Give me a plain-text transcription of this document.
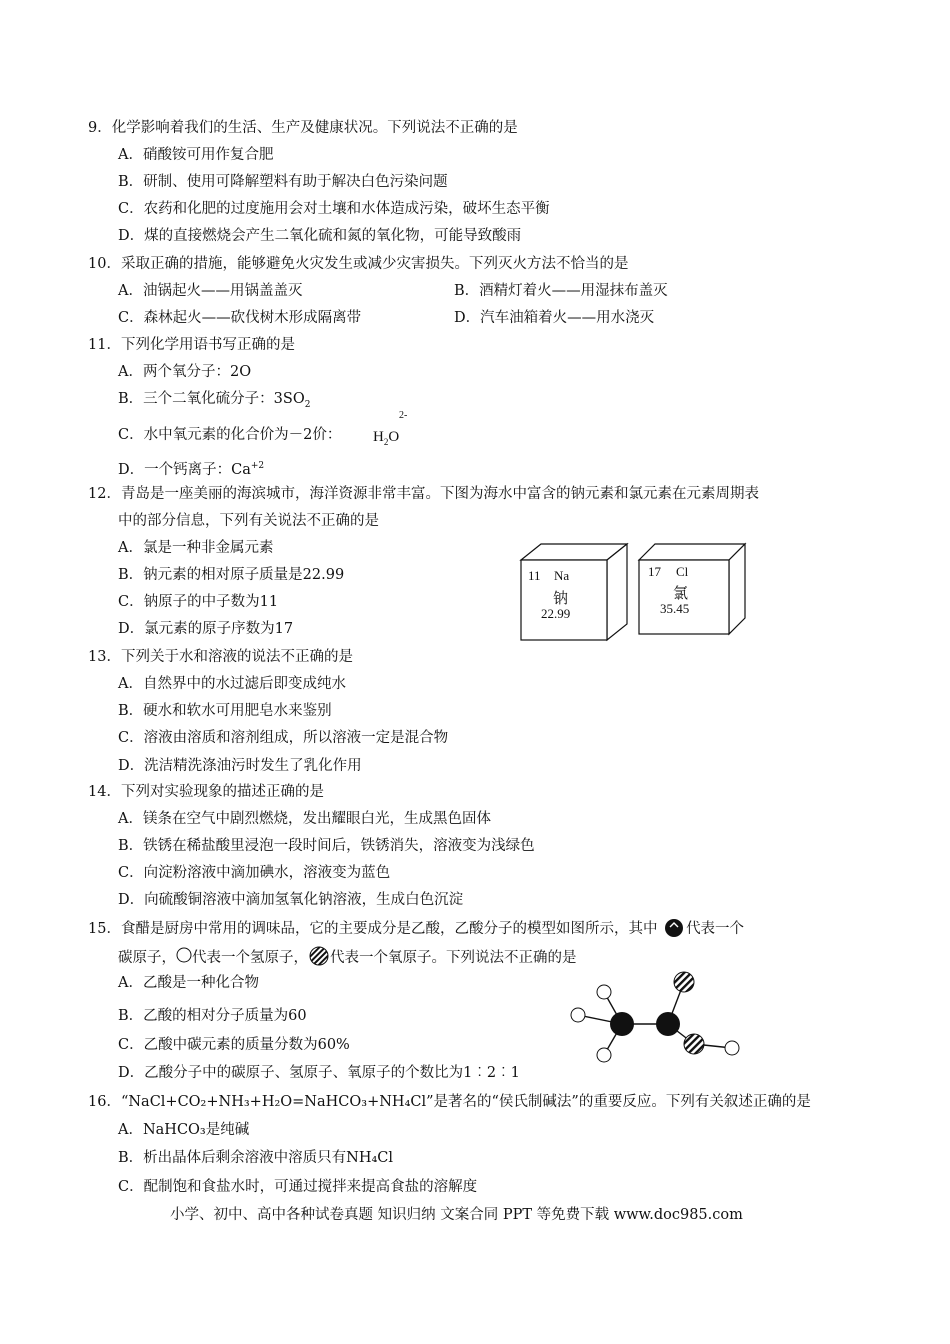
9．化学影响着我们的生活、生产及健康状况。下列说法不正确的是
A．硝酸铵可用作复合肥
B．研制、使用可降解塑料有助于解决白色污染问题
C．农药和化肥的过度施用会对土壤和水体造成污染，破坏生态平衡
D．煤的直接燃烧会产生二氧化硫和氮的氧化物，可能导致酸雨
10．采取正确的措施，能够避免火灾发生或减少灾害损失。下列灭火方法不恰当的是
A．油锅起火——用锅盖盖灭	B．酒精灯着火——用湿抹布盖灭
C．森林起火——砍伐树木形成隔离带	D．汽车油箱着火——用水浇灭
11．下列化学用语书写正确的是
A．两个氧分子：2O
B．三个二氧化硫分子：$3SO_2$
C．水中氧元素的化合价为－2价： $H_2O$
2-
D．一个钙离子：$Ca^{+2}$
12．青岛是一座美丽的海滨城市，海洋资源非常丰富。下图为海水中富含的钠元素和氯元素在元素周期表
中的部分信息，下列有关说法不正确的是
A．氯是一种非金属元素
B．钠元素的相对原子质量是22.99
C．钠原子的中子数为11
D．氯元素的原子序数为17
11 Na
钠
22.99
17 Cl
氯
35.45
13．下列关于水和溶液的说法不正确的是
A．自然界中的水过滤后即变成纯水
B．硬水和软水可用肥皂水来鉴别
C．溶液由溶质和溶剂组成，所以溶液一定是混合物
D．洗洁精洗涤油污时发生了乳化作用
14．下列对实验现象的描述正确的是
A．镁条在空气中剧烈燃烧，发出耀眼白光，生成黑色固体
B．铁锈在稀盐酸里浸泡一段时间后，铁锈消失，溶液变为浅绿色
C．向淀粉溶液中滴加碘水，溶液变为蓝色
D．向硫酸铜溶液中滴加氢氧化钠溶液，生成白色沉淀
15．食醋是厨房中常用的调味品，它的主要成分是乙酸，乙酸分子的模型如图所示，其中 代表一个
碳原子， 代表一个氢原子， 代表一个氧原子。下列说法不正确的是
A．乙酸是一种化合物
B．乙酸的相对分子质量为60
C．乙酸中碳元素的质量分数为60%
D．乙酸分子中的碳原子、氢原子、氧原子的个数比为1︰2︰1
16．“NaCl+CO₂+NH₃+H₂O=NaHCO₃+NH₄Cl”是著名的“侯氏制碱法”的重要反应。下列有关叙述正确的是
A．NaHCO₃是纯碱
B．析出晶体后剩余溶液中溶质只有NH₄Cl
C．配制饱和食盐水时，可通过搅拌来提高食盐的溶解度
小学、初中、高中各种试卷真题 知识归纳 文案合同 PPT 等免费下载 www.doc985.com
